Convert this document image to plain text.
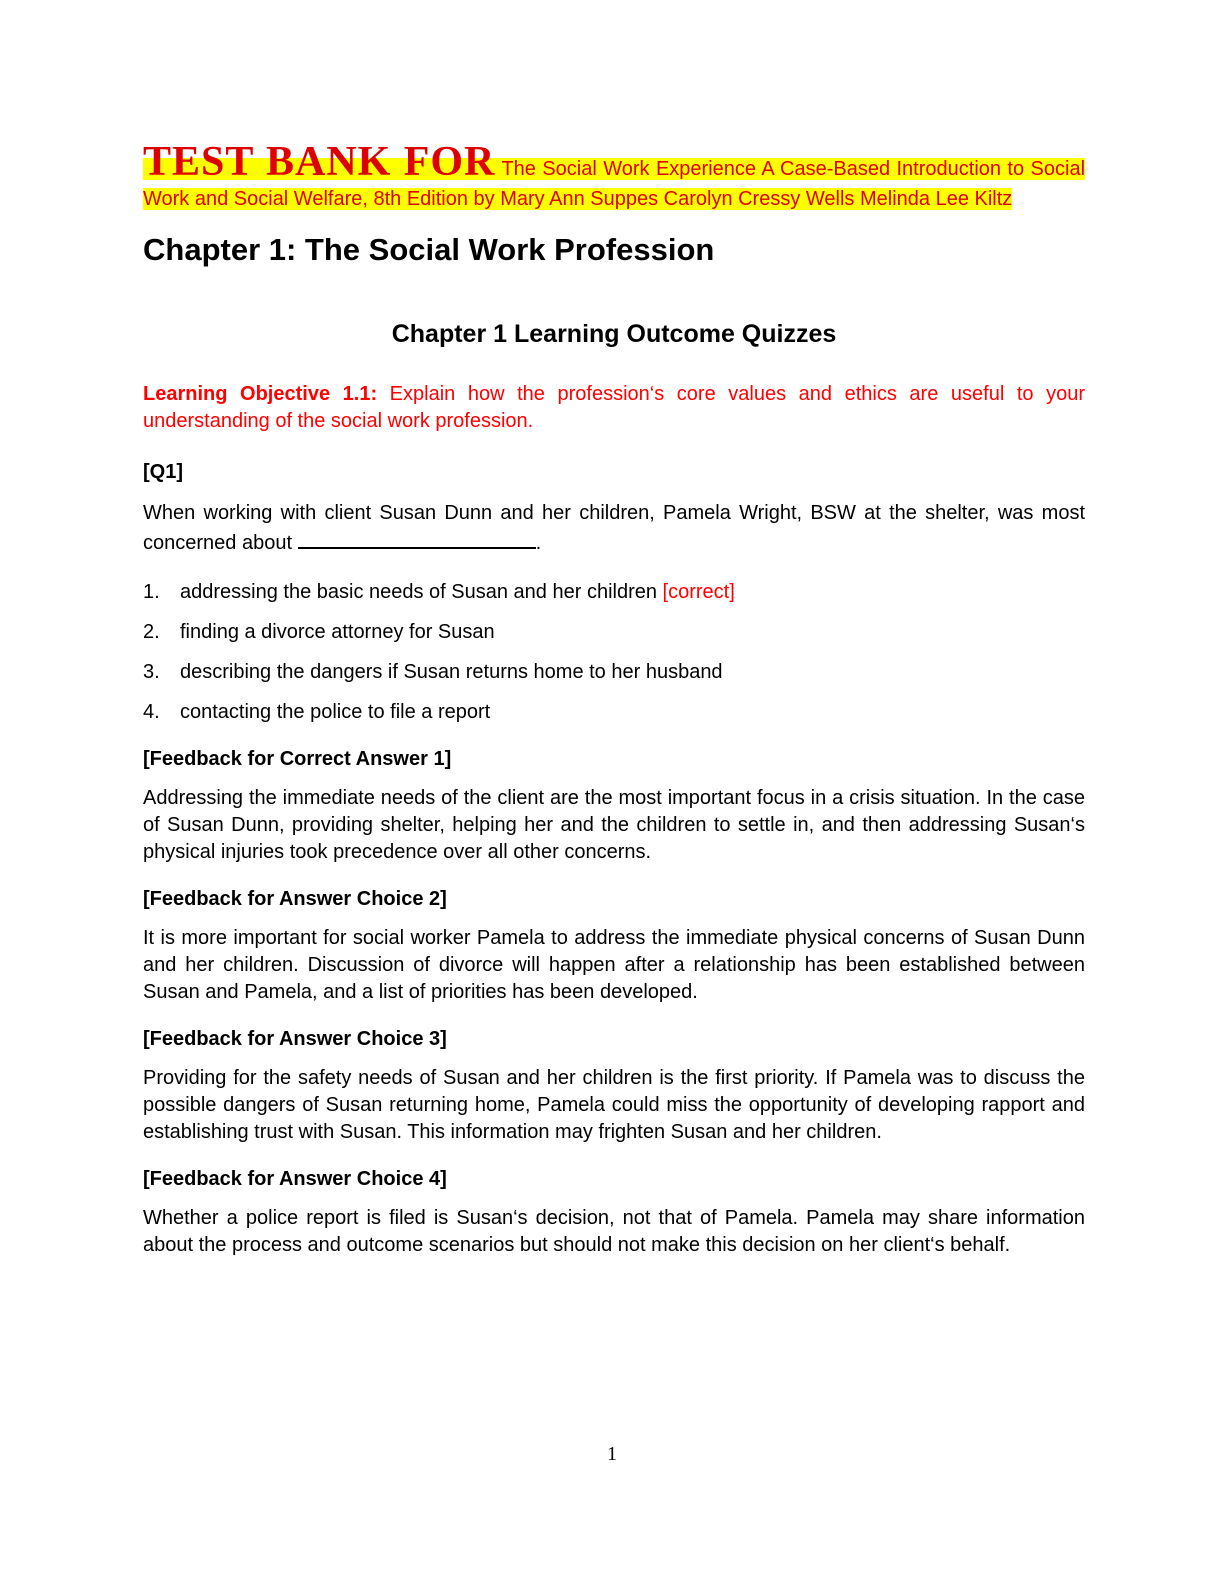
TEST BANK FOR The Social Work Experience A Case-Based Introduction to Social Work and Social Welfare, 8th Edition by Mary Ann Suppes Carolyn Cressy Wells Melinda Lee Kiltz

Chapter 1: The Social Work Profession
Chapter 1 Learning Outcome Quizzes

Learning Objective 1.1: Explain how the profession‘s core values and ethics are useful to your understanding of the social work profession.

[Q1]

When working with client Susan Dunn and her children, Pamela Wright, BSW at the shelter, was most concerned about	.

1.	addressing the basic needs of Susan and her children [correct]
2.	finding a divorce attorney for Susan
3.	describing the dangers if Susan returns home to her husband
4.	contacting the police to file a report

[Feedback for Correct Answer 1]

Addressing the immediate needs of the client are the most important focus in a crisis situation. In the case of Susan Dunn, providing shelter, helping her and the children to settle in, and then addressing Susan‘s physical injuries took precedence over all other concerns.

[Feedback for Answer Choice 2]

It is more important for social worker Pamela to address the immediate physical concerns of Susan Dunn and her children. Discussion of divorce will happen after a relationship has been established between Susan and Pamela, and a list of priorities has been developed.

[Feedback for Answer Choice 3]

Providing for the safety needs of Susan and her children is the first priority. If Pamela was to discuss the possible dangers of Susan returning home, Pamela could miss the opportunity of developing rapport and establishing trust with Susan. This information may frighten Susan and her children.

[Feedback for Answer Choice 4]

Whether a police report is filed is Susan‘s decision, not that of Pamela. Pamela may share information about the process and outcome scenarios but should not make this decision on her client‘s behalf.

1
